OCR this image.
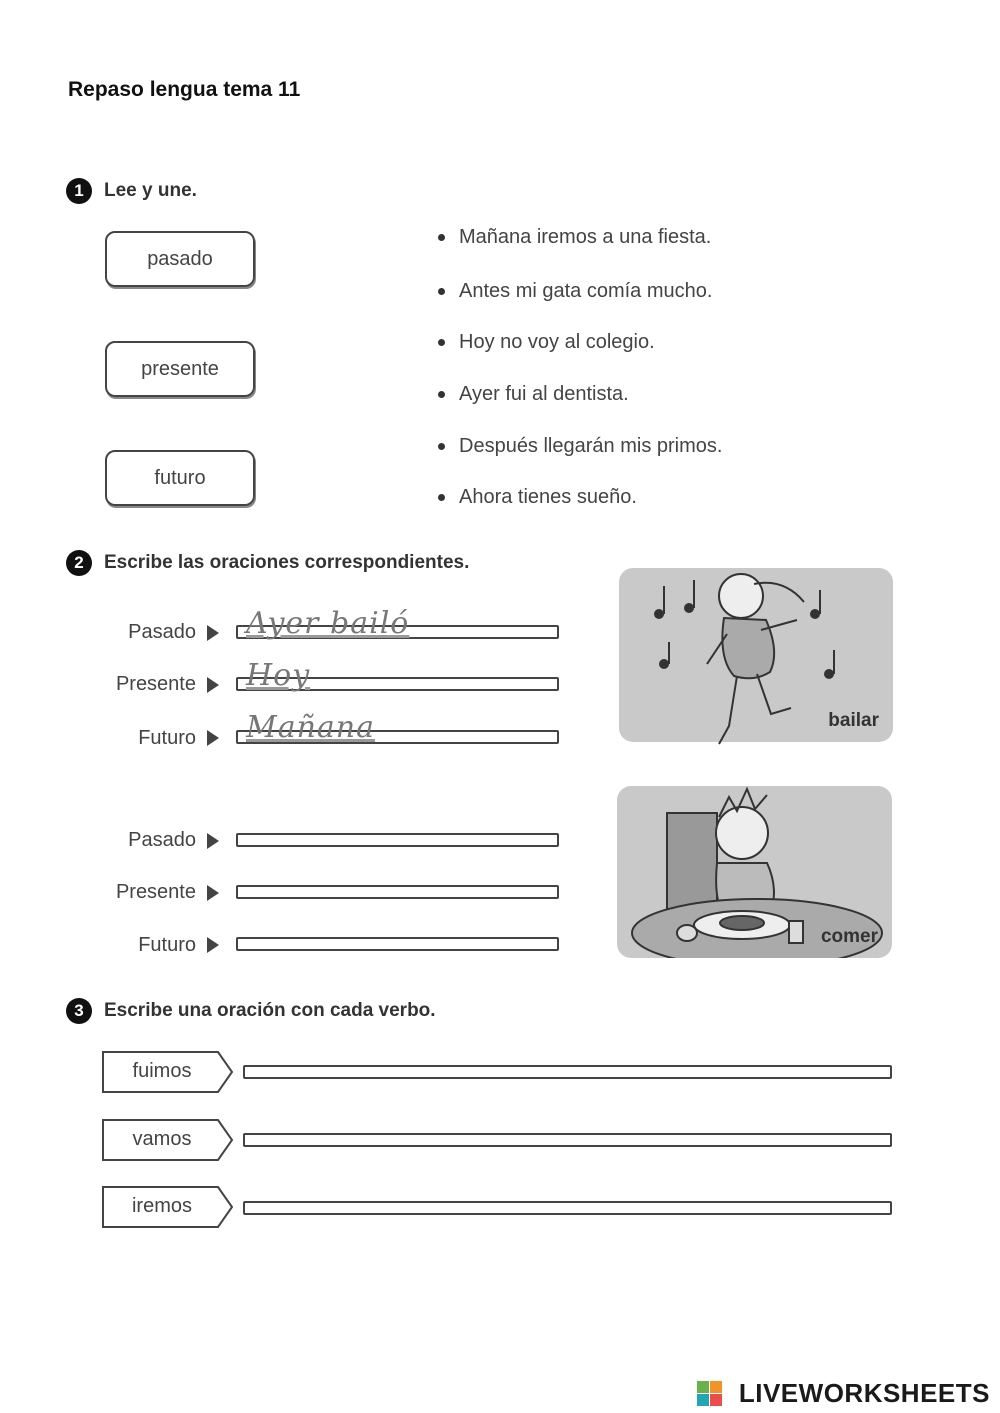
Repaso lengua tema 11
1	Lee y une.
pasado
presente
futuro
Mañana iremos a una fiesta.
Antes mi gata comía mucho.
Hoy no voy al colegio.
Ayer fui al dentista.
Después llegarán mis primos.
Ahora tienes sueño.
2	Escribe las oraciones correspondientes.
Pasado Ayer bailó
Presente Hoy
Futuro Mañana	bailar
Pasado
Presente
Futuro	comer
3	Escribe una oración con cada verbo.
fuimos
vamos
iremos
LIVEWORKSHEETS
